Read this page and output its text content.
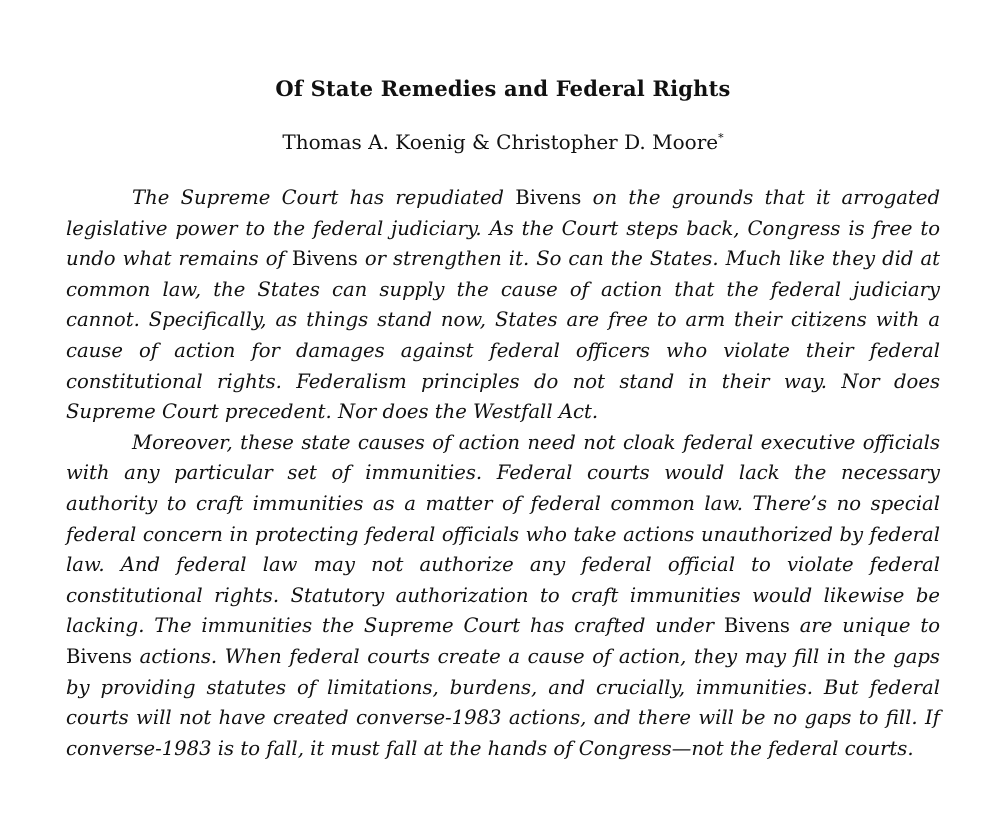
Of State Remedies and Federal Rights
Thomas A. Koenig & Christopher D. Moore*

The Supreme Court has repudiated Bivens on the grounds that it arrogated legislative power to the federal judiciary. As the Court steps back, Congress is free to undo what remains of Bivens or strengthen it. So can the States. Much like they did at common law, the States can supply the cause of action that the federal judiciary cannot. Specifically, as things stand now, States are free to arm their citizens with a cause of action for damages against federal officers who violate their federal constitutional rights. Federalism principles do not stand in their way. Nor does Supreme Court precedent. Nor does the Westfall Act.

Moreover, these state causes of action need not cloak federal executive officials with any particular set of immunities. Federal courts would lack the necessary authority to craft immunities as a matter of federal common law. There’s no special federal concern in protecting federal officials who take actions unauthorized by federal law. And federal law may not authorize any federal official to violate federal constitutional rights. Statutory authorization to craft immunities would likewise be lacking. The immunities the Supreme Court has crafted under Bivens are unique to Bivens actions. When federal courts create a cause of action, they may fill in the gaps by providing statutes of limitations, burdens, and crucially, immunities. But federal courts will not have created converse-1983 actions, and there will be no gaps to fill. If converse-1983 is to fall, it must fall at the hands of Congress—not the federal courts.
